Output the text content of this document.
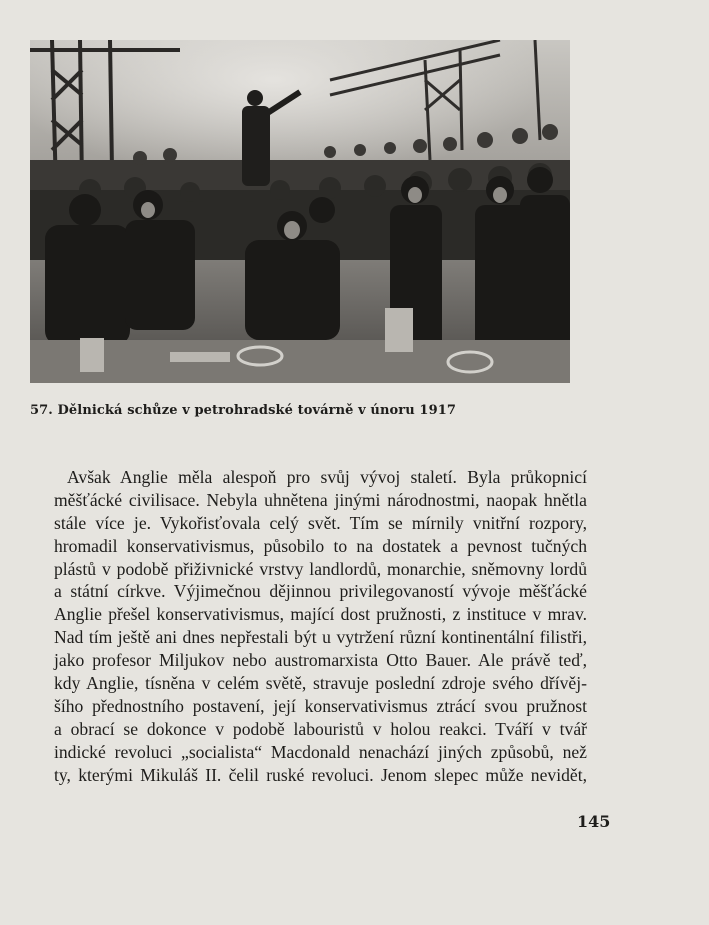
57. Dělnická schůze v petrohradské továrně v únoru 1917
Avšak Anglie měla alespoň pro svůj vývoj staletí. Byla průkopnicí
měšťácké civilisace. Nebyla uhnětena jinými národnostmi, naopak hnětla
stále více je. Vykořisťovala celý svět. Tím se mírnily vnitřní rozpory,
hromadil konservativismus, působilo to na dostatek a pevnost tučných
plástů v podobě přiživnické vrstvy landlordů, monarchie, sněmovny lordů
a státní církve. Výjimečnou dějinnou privilegovaností vývoje měšťácké
Anglie přešel konservativismus, mající dost pružnosti, z instituce v mrav.
Nad tím ještě ani dnes nepřestali být u vytržení různí kontinentální filistři,
jako profesor Miljukov nebo austromarxista Otto Bauer. Ale právě teď,
kdy Anglie, tísněna v celém světě, stravuje poslední zdroje svého dřívěj-
šího přednostního postavení, její konservativismus ztrácí svou pružnost
a obrací se dokonce v podobě labouristů v holou reakci. Tváří v tvář
indické revoluci „socialista“ Macdonald nenachází jiných způsobů, než
ty, kterými Mikuláš II. čelil ruské revoluci. Jenom slepec může nevidět,
145
